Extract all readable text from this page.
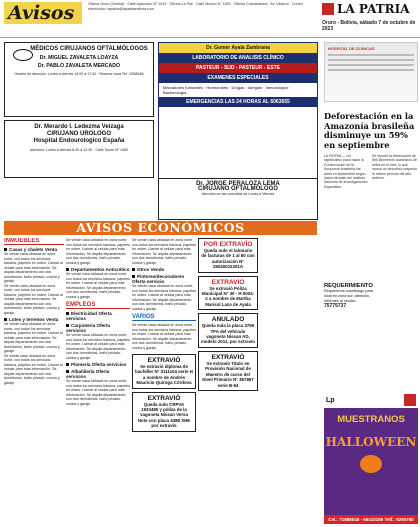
Avisos	Oficina Oruro (Central) · Calle Ayacucho N° 1044 · Oficina La Paz · Calle Mexico N° 1620 · Oficina Cochabamba · Av. Villazón · Correo electrónico: lapatria@lapatriaenlinea.com	LA PATRIA
Oruro - Bolivia, sábado 7 de octubre de 2023
MÉDICOS CIRUJANOS OFTALMÓLOGOS
Dr. MIGUEL ZAVALETA LOAYZA
Dr. PABLO ZAVALETA MERCADO
Horario de atención: Lunes a viernes 14:00 a 17:30 · Reserve hora Tel.: 5258168
Dr. Merardo I. Ledezma Veizaga
CIRUJANO UROLOGO
Hospital Endourologico España
Atención: Lunes a viernes 8:30 a 12:30 · Calle Sucre N° 1480
Dr. Gomer Ayala Zambrana
LABORATORIO DE ANALISIS CLÍNICO
PASTEUR - SUD - PASTEUR - ESTE
EXAMENES ESPECIALES
Marcadores tumorales · Hormonales · Drogas · Alergias · Inmunología · Bacteriología
EMERGENCIAS LAS 24 HORAS AL 6063655
Dr. JORGE PERALOZA LEMA
CIRUJANO OFTALMOLOGO
Atención en las consultas de Lunes a Viernes
AVISOS ECONÓMICOS
INMUEBLES
Casas y chalets Venta
Se vende casa ubicada en zona norte, con todos los servicios básicos, papeles en orden. Llamar al celular para más información. Se alquila departamento con dos dormitorios, baño privado, cocina y garaje.
Se vende casa ubicada en zona norte, con todos los servicios básicos, papeles en orden. Llamar al celular para más información. Se alquila departamento con dos dormitorios, baño privado, cocina y garaje.
Lotes y terrenos Venta
Se vende casa ubicada en zona norte, con todos los servicios básicos, papeles en orden. Llamar al celular para más información. Se alquila departamento con dos dormitorios, baño privado, cocina y garaje.
Se vende casa ubicada en zona norte, con todos los servicios básicos, papeles en orden. Llamar al celular para más información. Se alquila departamento con dos dormitorios, baño privado, cocina y garaje.
Se vende casa ubicada en zona norte, con todos los servicios básicos, papeles en orden. Llamar al celular para más información. Se alquila departamento con dos dormitorios, baño privado, cocina y garaje.
Departamentos Anticrético
Se vende casa ubicada en zona norte, con todos los servicios básicos, papeles en orden. Llamar al celular para más información. Se alquila departamento con dos dormitorios, baño privado, cocina y garaje.
EMPLEOS
Electricidad Oferta servicios
Carpintería Oferta servicios
Se vende casa ubicada en zona norte, con todos los servicios básicos, papeles en orden. Llamar al celular para más información. Se alquila departamento con dos dormitorios, baño privado, cocina y garaje.
Plomería Oferta servicios
Albañilería Oferta servicios
Se vende casa ubicada en zona norte, con todos los servicios básicos, papeles en orden. Llamar al celular para más información. Se alquila departamento con dos dormitorios, baño privado, cocina y garaje.
Se vende casa ubicada en zona norte, con todos los servicios básicos, papeles en orden. Llamar al celular para más información. Se alquila departamento con dos dormitorios, baño privado, cocina y garaje.
Otros Vendo
Pintores/decoradores Oferta servicio
Se vende casa ubicada en zona norte, con todos los servicios básicos, papeles en orden. Llamar al celular para más información. Se alquila departamento con dos dormitorios, baño privado, cocina y garaje.
VARIOS
Se vende casa ubicada en zona norte, con todos los servicios básicos, papeles en orden. Llamar al celular para más información. Se alquila departamento con dos dormitorios, baño privado, cocina y garaje.
EXTRAVIÓ
Se extravió diploma de bachiller N° 0111104 serie H a nombre de Andrés Mauricio Quiroga Córdova
EXTRAVIÓ
Queda nulo CRPVA 1933485 y póliza de la vagoneta Nissan Versa Note con placa 4488 XHE por extravío
POR EXTRAVÍO
Queda nulo el talonario de facturas de 1 al 50 con autorización N° 29040022301A
EXTRAVIO
Se extravió Póliza Municipal N° 30 - H 0004-2 a nombre de Martha Marisol Lazo de Ayala
ANULADO
Queda nula la placa 3769 TFA del vehículo vagoneta Nissan AD, modelo 2011, por extravío
EXTRAVIÓ
Se extravió Título en Provisión Nacional de Maestro de curso del Nivel Primario N° 367867 serie B-94
HOSPITAL DE CLÍNICAS
Deforestación en la Amazonía brasileña disminuye un 59% en septiembre
LA PATRIA — Un significativo paso hacia la Conservación de la Amazonía brasileña fue dado en septiembre según datos oficiales del Instituto Nacional de Investigaciones Espaciales.
Se reportó la destrucción de 590 kilómetros cuadrados de selva en el mes, lo que marca un descenso respecto al mismo periodo del año anterior.
REQUERIMIENTO
Requerimos odontólogo para local en zona sur, atención, Informes al celular:
75775737
Lp
MUESTRANOS
HALLOWEEN
Cel.: 71888048 - 65410165 Telf.: 5250780
